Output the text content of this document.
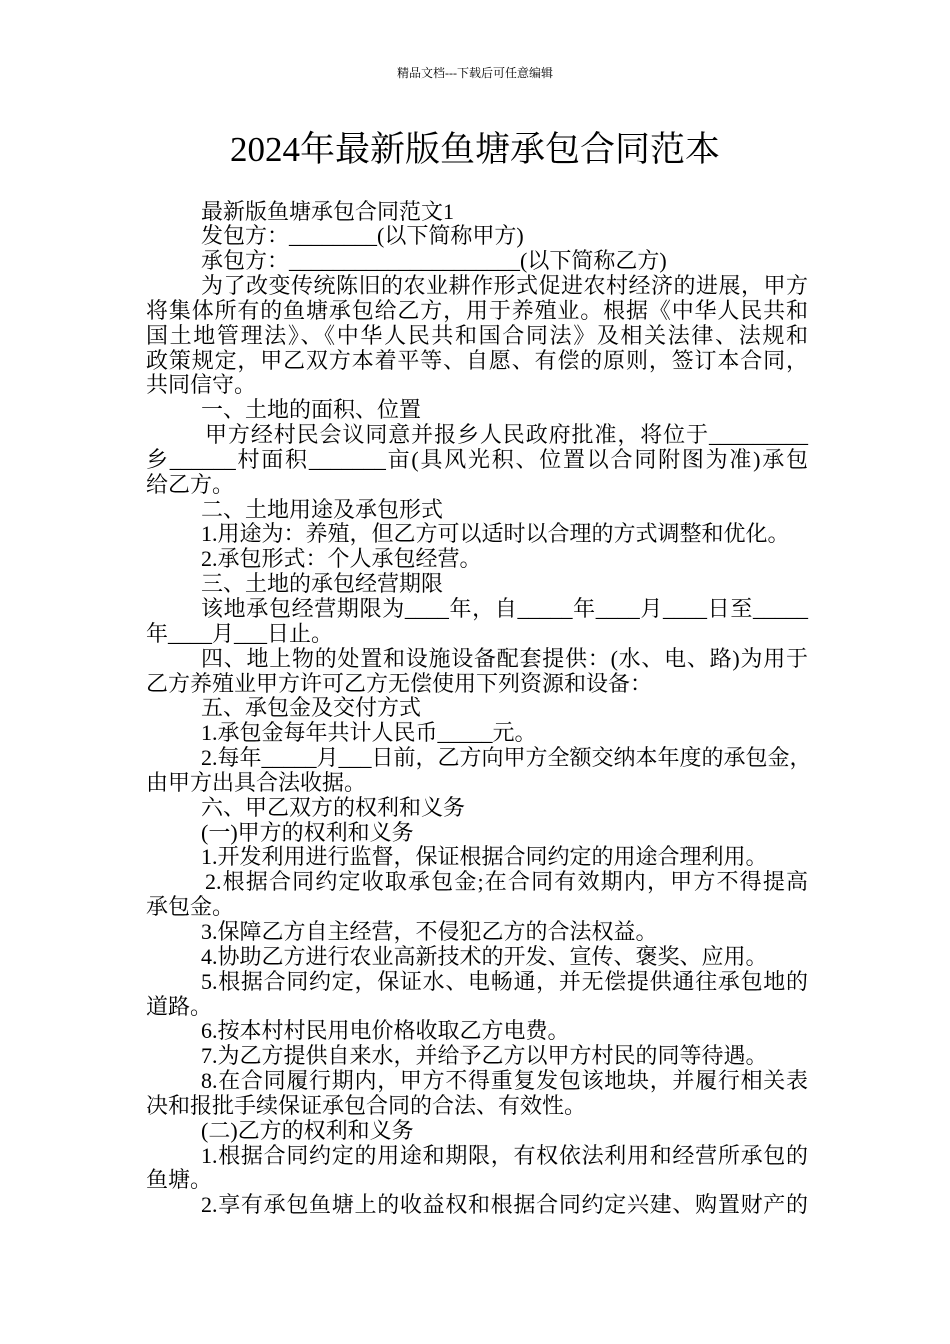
精品文档---下载后可任意编辑
2024年最新版鱼塘承包合同范本
最新版鱼塘承包合同范文1
发包方：________(以下简称甲方)
承包方：_____________________(以下简称乙方)
为了改变传统陈旧的农业耕作形式促进农村经济的进展，甲方
将集体所有的鱼塘承包给乙方，用于养殖业。根据《中华人民共和
国土地管理法》、《中华人民共和国合同法》及相关法律、法规和
政策规定，甲乙双方本着平等、自愿、有偿的原则，签订本合同，
共同信守。
一、土地的面积、位置
甲方经村民会议同意并报乡人民政府批准，将位于_________
乡______村面积_______亩(具风光积、位置以合同附图为准)承包
给乙方。
二、土地用途及承包形式
1.用途为：养殖，但乙方可以适时以合理的方式调整和优化。
2.承包形式：个人承包经营。
三、土地的承包经营期限
该地承包经营期限为____年，自_____年____月____日至_____
年____月___日止。
四、地上物的处置和设施设备配套提供：(水、电、路)为用于
乙方养殖业甲方许可乙方无偿使用下列资源和设备：
五、承包金及交付方式
1.承包金每年共计人民币_____元。
2.每年_____月___日前，乙方向甲方全额交纳本年度的承包金，
由甲方出具合法收据。
六、甲乙双方的权利和义务
(一)甲方的权利和义务
1.开发利用进行监督，保证根据合同约定的用途合理利用。
2.根据合同约定收取承包金;在合同有效期内，甲方不得提高
承包金。
3.保障乙方自主经营，不侵犯乙方的合法权益。
4.协助乙方进行农业高新技术的开发、宣传、褒奖、应用。
5.根据合同约定，保证水、电畅通，并无偿提供通往承包地的
道路。
6.按本村村民用电价格收取乙方电费。
7.为乙方提供自来水，并给予乙方以甲方村民的同等待遇。
8.在合同履行期内，甲方不得重复发包该地块，并履行相关表
决和报批手续保证承包合同的合法、有效性。
(二)乙方的权利和义务
1.根据合同约定的用途和期限，有权依法利用和经营所承包的
鱼塘。
2.享有承包鱼塘上的收益权和根据合同约定兴建、购置财产的
